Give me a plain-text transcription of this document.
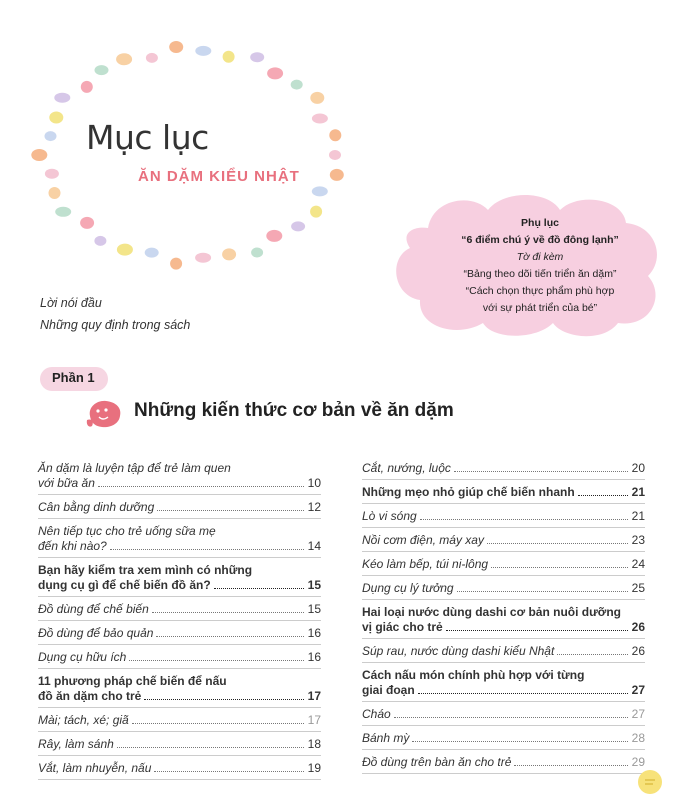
Mục lục
ĂN DẶM KIỂU NHẬT
Phụ lục
“6 điểm chú ý về đồ đông lạnh”
Tờ đi kèm
“Bảng theo dõi tiến triển ăn dặm”
“Cách chọn thực phẩm phù hợp
với sự phát triển của bé”
Lời nói đầu
Những quy định trong sách
Phần 1
Những kiến thức cơ bản về ăn dặm
Ăn dặm là luyện tập để trẻ làm quen
với bữa ăn	10
Cân bằng dinh dưỡng	12
Nên tiếp tục cho trẻ uống sữa mẹ
đến khi nào?	14
Bạn hãy kiểm tra xem mình có những
dụng cụ gì để chế biến đồ ăn?	15
Đồ dùng để chế biến	15
Đồ dùng để bảo quản	16
Dụng cụ hữu ích	16
11 phương pháp chế biến để nấu
đồ ăn dặm cho trẻ	17
Mài; tách, xé; giã	17
Rây, làm sánh	18
Vắt, làm nhuyễn, nấu	19
Cắt, nướng, luộc	20
Những mẹo nhỏ giúp chế biến nhanh	21
Lò vi sóng	21
Nồi cơm điện, máy xay	23
Kéo làm bếp, túi ni-lông	24
Dụng cụ lý tưởng	25
Hai loại nước dùng dashi cơ bản nuôi dưỡng
vị giác cho trẻ	26
Súp rau, nước dùng dashi kiểu Nhật	26
Cách nấu món chính phù hợp với từng
giai đoạn	27
Cháo	27
Bánh mỳ	28
Đồ dùng trên bàn ăn cho trẻ	29
